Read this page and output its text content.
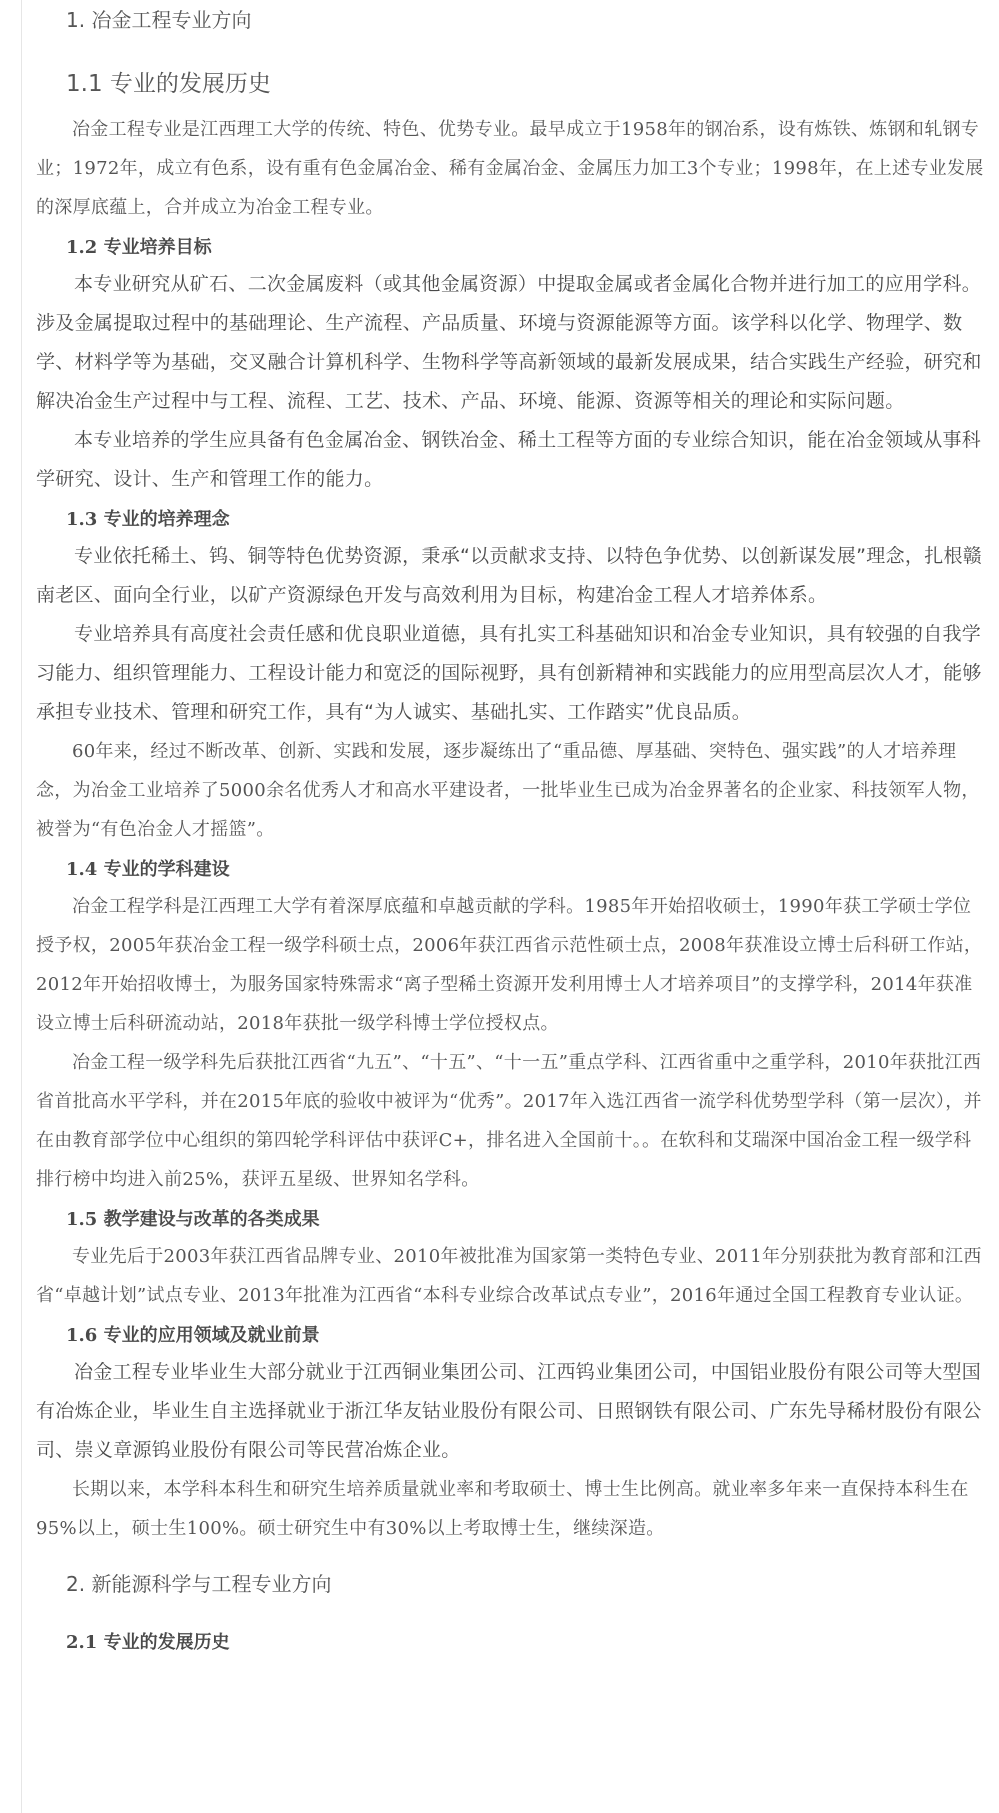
1. 冶金工程专业方向
1.1 专业的发展历史

冶金工程专业是江西理工大学的传统、特色、优势专业。最早成立于1958年的钢冶系，设有炼铁、炼钢和轧钢专业；1972年，成立有色系，设有重有色金属冶金、稀有金属冶金、金属压力加工3个专业；1998年，在上述专业发展的深厚底蕴上，合并成立为冶金工程专业。

1.2 专业培养目标

本专业研究从矿石、二次金属废料（或其他金属资源）中提取金属或者金属化合物并进行加工的应用学科。涉及金属提取过程中的基础理论、生产流程、产品质量、环境与资源能源等方面。该学科以化学、物理学、数学、材料学等为基础，交叉融合计算机科学、生物科学等高新领域的最新发展成果，结合实践生产经验，研究和解决冶金生产过程中与工程、流程、工艺、技术、产品、环境、能源、资源等相关的理论和实际问题。

本专业培养的学生应具备有色金属冶金、钢铁冶金、稀土工程等方面的专业综合知识，能在冶金领域从事科学研究、设计、生产和管理工作的能力。

1.3 专业的培养理念

专业依托稀土、钨、铜等特色优势资源，秉承“以贡献求支持、以特色争优势、以创新谋发展”理念，扎根赣南老区、面向全行业，以矿产资源绿色开发与高效利用为目标，构建冶金工程人才培养体系。

专业培养具有高度社会责任感和优良职业道德，具有扎实工科基础知识和冶金专业知识，具有较强的自我学习能力、组织管理能力、工程设计能力和宽泛的国际视野，具有创新精神和实践能力的应用型高层次人才，能够承担专业技术、管理和研究工作，具有“为人诚实、基础扎实、工作踏实”优良品质。

60年来，经过不断改革、创新、实践和发展，逐步凝练出了“重品德、厚基础、突特色、强实践”的人才培养理念，为冶金工业培养了5000余名优秀人才和高水平建设者，一批毕业生已成为冶金界著名的企业家、科技领军人物，被誉为“有色冶金人才摇篮”。

1.4 专业的学科建设

冶金工程学科是江西理工大学有着深厚底蕴和卓越贡献的学科。1985年开始招收硕士，1990年获工学硕士学位授予权，2005年获冶金工程一级学科硕士点，2006年获江西省示范性硕士点，2008年获准设立博士后科研工作站，2012年开始招收博士，为服务国家特殊需求“离子型稀土资源开发利用博士人才培养项目”的支撑学科，2014年获准设立博士后科研流动站，2018年获批一级学科博士学位授权点。

冶金工程一级学科先后获批江西省“九五”、“十五”、“十一五”重点学科、江西省重中之重学科，2010年获批江西省首批高水平学科，并在2015年底的验收中被评为“优秀”。2017年入选江西省一流学科优势型学科（第一层次），并在由教育部学位中心组织的第四轮学科评估中获评C+，排名进入全国前十。。在软科和艾瑞深中国冶金工程一级学科排行榜中均进入前25%，获评五星级、世界知名学科。

1.5 教学建设与改革的各类成果

专业先后于2003年获江西省品牌专业、2010年被批准为国家第一类特色专业、2011年分别获批为教育部和江西省“卓越计划”试点专业、2013年批准为江西省“本科专业综合改革试点专业”，2016年通过全国工程教育专业认证。

1.6 专业的应用领域及就业前景

冶金工程专业毕业生大部分就业于江西铜业集团公司、江西钨业集团公司，中国铝业股份有限公司等大型国有冶炼企业，毕业生自主选择就业于浙江华友钴业股份有限公司、日照钢铁有限公司、广东先导稀材股份有限公司、崇义章源钨业股份有限公司等民营冶炼企业。

长期以来，本学科本科生和研究生培养质量就业率和考取硕士、博士生比例高。就业率多年来一直保持本科生在95%以上，硕士生100%。硕士研究生中有30%以上考取博士生，继续深造。

2. 新能源科学与工程专业方向
2.1 专业的发展历史
